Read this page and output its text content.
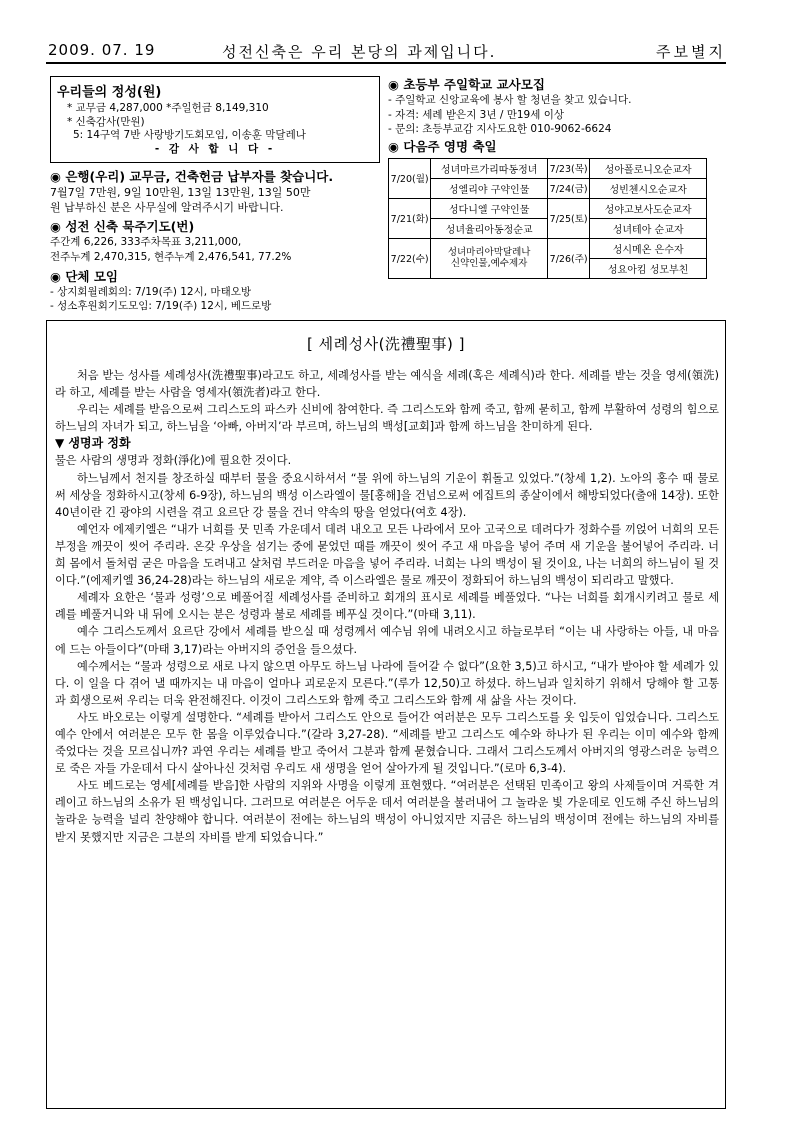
2009. 07. 19	성전신축은 우리 본당의 과제입니다.	주보별지
우리들의 정성(원)
* 교무금 4,287,000 *주일헌금 8,149,310
* 신축감사(만원)
5: 14구역 7반 사랑방기도회모임, 이송훈 막달레나
- 감 사 합 니 다 -
◉ 은행(우리) 교무금, 건축헌금 납부자를 찾습니다.
7월7일 7만원, 9일 10만원, 13일 13만원, 13일 50만
원 납부하신 분은 사무실에 알려주시기 바랍니다.
◉ 성전 신축 묵주기도(번)
주간계 6,226, 333주차목표 3,211,000,
전주누계 2,470,315, 현주누계 2,476,541, 77.2%
◉ 단체 모임
- 상지회월례회의: 7/19(주) 12시, 마태오방
- 성소후원회기도모임: 7/19(주) 12시, 베드로방
◉ 초등부 주일학교 교사모집
- 주일학교 신앙교육에 봉사 할 청년을 찾고 있습니다.
- 자격: 세례 받은지 3년 / 만19세 이상
- 문의: 초등부교감 지사도요한 010-9062-6624
◉ 다음주 영명 축일
7/20(월)	성녀마르가리따동정녀	7/23(목)	성아폴로니오순교자
	성엘리야 구약인물	7/24(금)	성빈첸시오순교자
7/21(화)	성다니엘 구약인물	7/25(토)	성야고보사도순교자
	성녀율리아동정순교		성녀테아 순교자
7/22(수)	성녀마리아막달레나
신약인물,예수제자	7/26(주)	성시메온 은수자
			성요아킴 성모부친
[ 세례성사(洗禮聖事) ]

처음 받는 성사를 세례성사(洗禮聖事)라고도 하고, 세례성사를 받는 예식을 세례(혹은 세례식)라 한다. 세례를 받는 것을 영세(領洗)라 하고, 세례를 받는 사람을 영세자(領洗者)라고 한다.

우리는 세례를 받음으로써 그리스도의 파스카 신비에 참여한다. 즉 그리스도와 함께 죽고, 함께 묻히고, 함께 부활하여 성령의 힘으로 하느님의 자녀가 되고, 하느님을 ‘아빠, 아버지’라 부르며, 하느님의 백성[교회]과 함께 하느님을 찬미하게 된다.

▼ 생명과 정화

물은 사람의 생명과 정화(淨化)에 필요한 것이다.

하느님께서 천지를 창조하실 때부터 물을 중요시하셔서 “물 위에 하느님의 기운이 휘돌고 있었다.”(창세 1,2). 노아의 홍수 때 물로써 세상을 정화하시고(창세 6-9장), 하느님의 백성 이스라엘이 물[홍해]을 건넘으로써 에집트의 종살이에서 해방되었다(출애 14장). 또한 40년이란 긴 광야의 시련을 겪고 요르단 강 물을 건너 약속의 땅을 얻었다(여호 4장).

예언자 에제키엘은 “내가 너희를 뭇 민족 가운데서 데려 내오고 모든 나라에서 모아 고국으로 데려다가 정화수를 끼얹어 너희의 모든 부정을 깨끗이 씻어 주리라. 온갖 우상을 섬기는 중에 묻었던 때를 깨끗이 씻어 주고 새 마음을 넣어 주며 새 기운을 불어넣어 주리라. 너희 몸에서 돌처럼 굳은 마음을 도려내고 살처럼 부드러운 마음을 넣어 주리라. 너희는 나의 백성이 될 것이요, 나는 너희의 하느님이 될 것이다.”(에제키엘 36,24-28)라는 하느님의 새로운 계약, 즉 이스라엘은 물로 깨끗이 정화되어 하느님의 백성이 되리라고 말했다.

세례자 요한은 ‘물과 성령’으로 베풀어질 세례성사를 준비하고 회개의 표시로 세례를 베풀었다. “나는 너희를 회개시키려고 물로 세례를 베풀거니와 내 뒤에 오시는 분은 성령과 불로 세례를 베푸실 것이다.”(마태 3,11).

예수 그리스도께서 요르단 강에서 세례를 받으실 때 성령께서 예수님 위에 내려오시고 하늘로부터 “이는 내 사랑하는 아들, 내 마음에 드는 아들이다”(마태 3,17)라는 아버지의 증언을 들으셨다.

예수께서는 “물과 성령으로 새로 나지 않으면 아무도 하느님 나라에 들어갈 수 없다”(요한 3,5)고 하시고, “내가 받아야 할 세례가 있다. 이 일을 다 겪어 낼 때까지는 내 마음이 얼마나 괴로운지 모른다.”(루가 12,50)고 하셨다. 하느님과 일치하기 위해서 당해야 할 고통과 희생으로써 우리는 더욱 완전해진다. 이것이 그리스도와 함께 죽고 그리스도와 함께 새 삶을 사는 것이다.

사도 바오로는 이렇게 설명한다. “세례를 받아서 그리스도 안으로 들어간 여러분은 모두 그리스도를 옷 입듯이 입었습니다. 그리스도 예수 안에서 여러분은 모두 한 몸을 이루었습니다.”(갈라 3,27-28). “세례를 받고 그리스도 예수와 하나가 된 우리는 이미 예수와 함께 죽었다는 것을 모르십니까? 과연 우리는 세례를 받고 죽어서 그분과 함께 묻혔습니다. 그래서 그리스도께서 아버지의 영광스러운 능력으로 죽은 자들 가운데서 다시 살아나신 것처럼 우리도 새 생명을 얻어 살아가게 될 것입니다.”(로마 6,3-4).

사도 베드로는 영세[세례를 받음]한 사람의 지위와 사명을 이렇게 표현했다. “여러분은 선택된 민족이고 왕의 사제들이며 거룩한 겨레이고 하느님의 소유가 된 백성입니다. 그러므로 여러분은 어두운 데서 여러분을 불러내어 그 놀라운 빛 가운데로 인도해 주신 하느님의 놀라운 능력을 널리 찬양해야 합니다. 여러분이 전에는 하느님의 백성이 아니었지만 지금은 하느님의 백성이며 전에는 하느님의 자비를 받지 못했지만 지금은 그분의 자비를 받게 되었습니다.”
